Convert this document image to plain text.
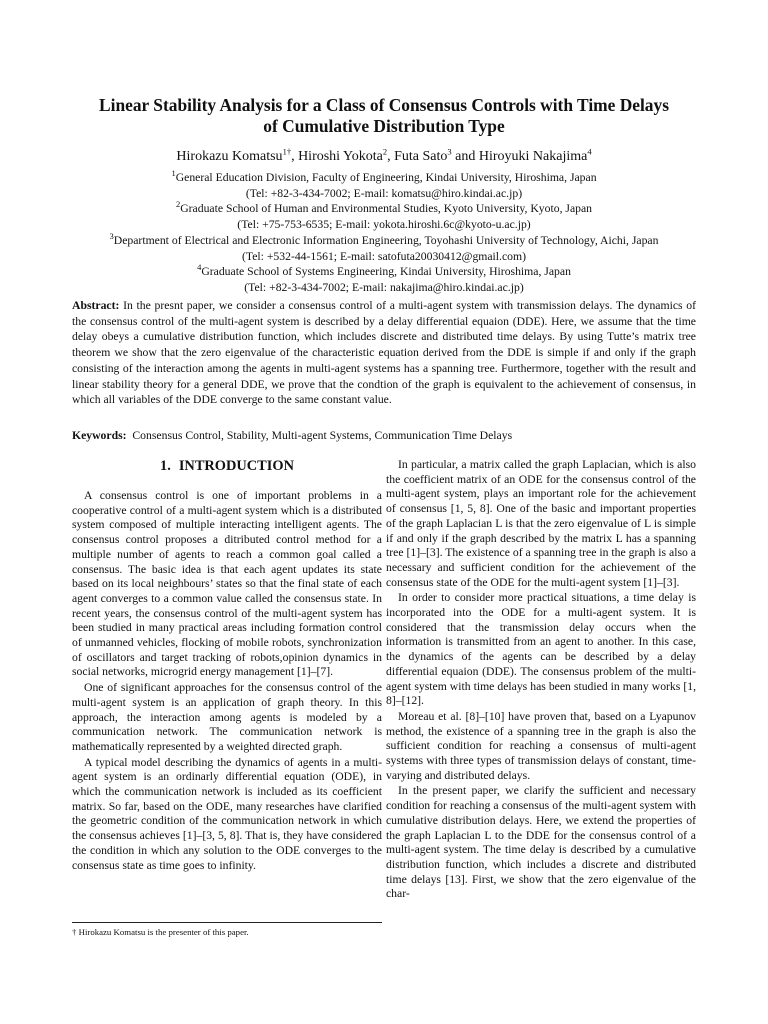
Linear Stability Analysis for a Class of Consensus Controls with Time Delays
of Cumulative Distribution Type
Hirokazu Komatsu$^{1\dagger}$, Hiroshi Yokota$^2$, Futa Sato$^3$ and Hiroyuki Nakajima$^4$
$^1$General Education Division, Faculty of Engineering, Kindai University, Hiroshima, Japan
(Tel: +82-3-434-7002; E-mail: komatsu@hiro.kindai.ac.jp)
$^2$Graduate School of Human and Environmental Studies, Kyoto University, Kyoto, Japan
(Tel: +75-753-6535; E-mail: yokota.hiroshi.6c@kyoto-u.ac.jp)
$^3$Department of Electrical and Electronic Information Engineering, Toyohashi University of Technology, Aichi, Japan
(Tel: +532-44-1561; E-mail: satofuta20030412@gmail.com)
$^4$Graduate School of Systems Engineering, Kindai University, Hiroshima, Japan
(Tel: +82-3-434-7002; E-mail: nakajima@hiro.kindai.ac.jp)

Abstract: In the presnt paper, we consider a consensus control of a multi-agent system with transmission delays. The dynamics of the consensus control of the multi-agent system is described by a delay differential equaion (DDE). Here, we assume that the time delay obeys a cumulative distribution function, which includes discrete and distributed time delays. By using Tutte’s matrix tree theorem we show that the zero eigenvalue of the characteristic equation derived from the DDE is simple if and only if the graph consisting of the interaction among the agents in multi-agent systems has a spanning tree. Furthermore, together with the result and linear stability theory for a general DDE, we prove that the condtion of the graph is equivalent to the achievement of consensus, in which all variables of the DDE converge to the same constant value.

Keywords: Consensus Control, Stability, Multi-agent Systems, Communication Time Delays

1. INTRODUCTION

A consensus control is one of important problems in a cooperative control of a multi-agent system which is a distributed system composed of multiple interacting intelligent agents. The consensus control proposes a ditributed control method for a multiple number of agents to reach a common goal called a consensus. The basic idea is that each agent updates its state based on its local neighbours’ states so that the final state of each agent converges to a common value called the consensus state. In recent years, the consensus control of the multi-agent system has been studied in many practical areas including formation control of unmanned vehicles, flocking of mobile robots, synchronization of oscillators and target tracking of robots,opinion dynamics in social networks, microgrid energy management [1]–[7].

One of significant approaches for the consensus control of the multi-agent system is an application of graph theory. In this approach, the interaction among agents is modeled by a communication network. The communication network is mathematically represented by a weighted directed graph.

A typical model describing the dynamics of agents in a multi-agent system is an ordinarly differential equation (ODE), in which the communication network is included as its coefficient matrix. So far, based on the ODE, many researches have clarified the geometric condition of the communication network in which the consensus achieves [1]–[3, 5, 8]. That is, they have considered the condition in which any solution to the ODE converges to the consensus state as time goes to infinity.

In particular, a matrix called the graph Laplacian, which is also the coefficient matrix of an ODE for the consensus control of the multi-agent system, plays an important role for the achievement of consensus [1, 5, 8]. One of the basic and important properties of the graph Laplacian L is that the zero eigenvalue of L is simple if and only if the graph described by the matrix L has a spanning tree [1]–[3]. The existence of a spanning tree in the graph is also a necessary and sufficient condition for the achievement of the consensus state of the ODE for the multi-agent system [1]–[3].

In order to consider more practical situations, a time delay is incorporated into the ODE for a multi-agent system. It is considered that the transmission delay occurs when the information is transmitted from an agent to another. In this case, the dynamics of the agents can be described by a delay differential equaion (DDE). The consensus problem of the multi-agent system with time delays has been studied in many works [1, 8]–[12].

Moreau et al. [8]–[10] have proven that, based on a Lyapunov method, the existence of a spanning tree in the graph is also the sufficient condition for reaching a consensus of multi-agent systems with three types of transmission delays of constant, time-varying and distributed delays.

In the present paper, we clarify the sufficient and necessary condition for reaching a consensus of the multi-agent system with cumulative distribution delays. Here, we extend the properties of the graph Laplacian L to the DDE for the consensus control of a multi-agent system. The time delay is described by a cumulative distribution function, which includes a discrete and distributed time delays [13]. First, we show that the zero eigenvalue of the char-

† Hirokazu Komatsu is the presenter of this paper.
